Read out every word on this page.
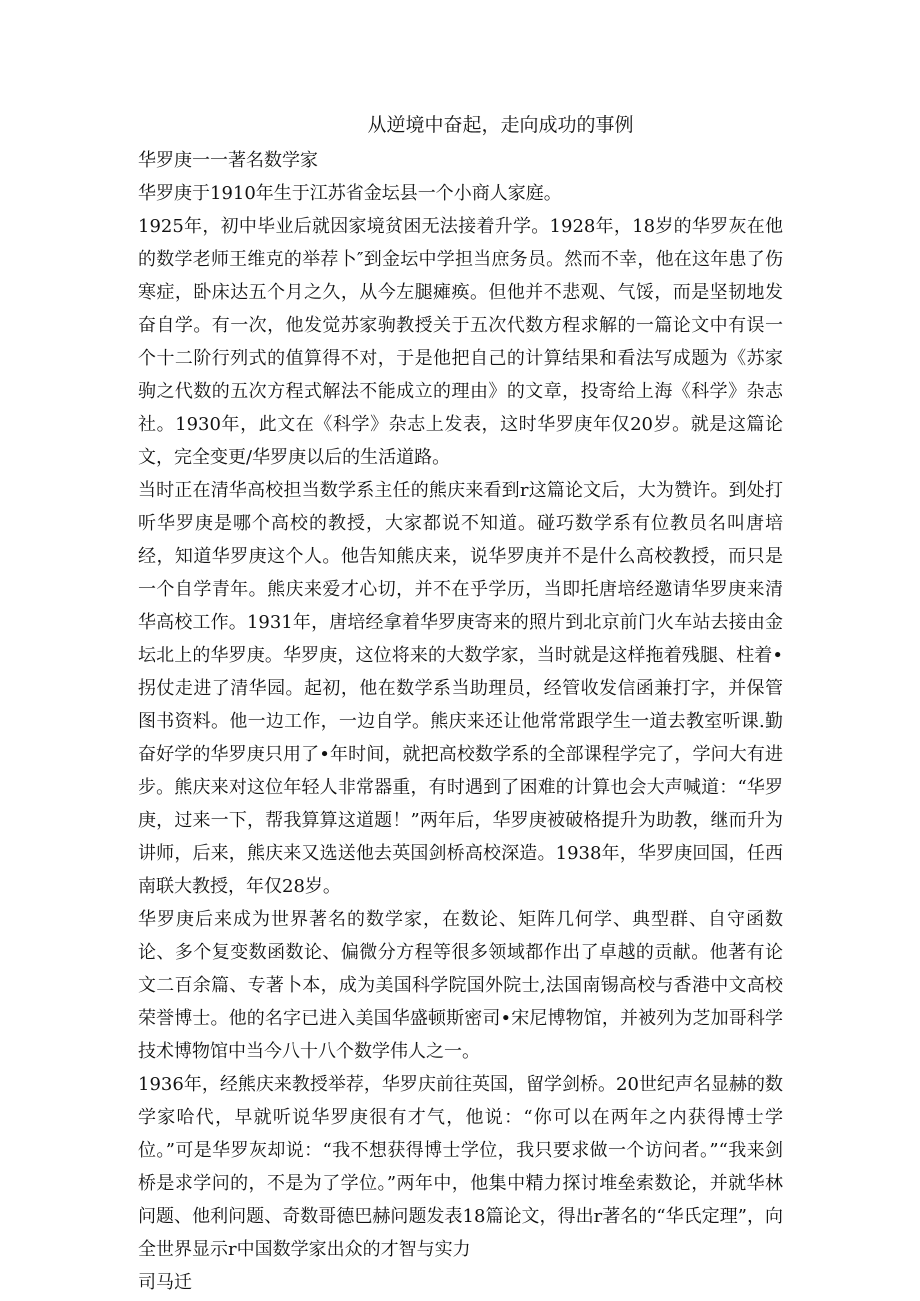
从逆境中奋起，走向成功的事例

华罗庚一一著名数学家

华罗庚于1910年生于江苏省金坛县一个小商人家庭。

1925年，初中毕业后就因家境贫困无法接着升学。1928年，18岁的华罗灰在他的数学老师王维克的举荐卜″到金坛中学担当庶务员。然而不幸，他在这年患了伤寒症，卧床达五个月之久，从今左腿瘫痪。但他并不悲观、气馁，而是坚韧地发奋自学。有一次，他发觉苏家驹教授关于五次代数方程求解的一篇论文中有误一个十二阶行列式的值算得不对，于是他把自己的计算结果和看法写成题为《苏家驹之代数的五次方程式解法不能成立的理由》的文章，投寄给上海《科学》杂志社。1930年，此文在《科学》杂志上发表，这时华罗庚年仅20岁。就是这篇论文，完全变更/华罗庚以后的生活道路。

当时正在清华高校担当数学系主任的熊庆来看到r这篇论文后，大为赞许。到处打听华罗庚是哪个高校的教授，大家都说不知道。碰巧数学系有位教员名叫唐培经，知道华罗庚这个人。他告知熊庆来，说华罗庚并不是什么高校教授，而只是一个自学青年。熊庆来爱才心切，并不在乎学历，当即托唐培经邀请华罗庚来清华高校工作。1931年，唐培经拿着华罗庚寄来的照片到北京前门火车站去接由金坛北上的华罗庚。华罗庚，这位将来的大数学家，当时就是这样拖着残腿、柱着•拐仗走进了清华园。起初，他在数学系当助理员，经管收发信函兼打字，并保管图书资料。他一边工作，一边自学。熊庆来还让他常常跟学生一道去教室听课.勤奋好学的华罗庚只用了•年时间，就把高校数学系的全部课程学完了，学问大有进步。熊庆来对这位年轻人非常器重，有时遇到了困难的计算也会大声喊道：“华罗庚，过来一下，帮我算算这道题！”两年后，华罗庚被破格提升为助教，继而升为讲师，后来，熊庆来又选送他去英国剑桥高校深造。1938年，华罗庚回国，任西南联大教授，年仅28岁。

华罗庚后来成为世界著名的数学家，在数论、矩阵几何学、典型群、自守函数论、多个复变数函数论、偏微分方程等很多领域都作出了卓越的贡献。他著有论文二百余篇、专著卜本，成为美国科学院国外院士,法国南锡高校与香港中文高校荣誉博士。他的名字已进入美国华盛顿斯密司•宋尼博物馆，并被列为芝加哥科学技术博物馆中当今八十八个数学伟人之一。

1936年，经熊庆来教授举荐，华罗庆前往英国，留学剑桥。20世纪声名显赫的数学家哈代，早就听说华罗庚很有才气，他说：“你可以在两年之内获得博士学位。”可是华罗灰却说：“我不想获得博士学位，我只要求做一个访问者。”“我来剑桥是求学问的，不是为了学位。”两年中，他集中精力探讨堆垒索数论，并就华林问题、他利问题、奇数哥德巴赫问题发表18篇论文，得出r著名的“华氏定理”，向全世界显示r中国数学家出众的才智与实力

司马迁
